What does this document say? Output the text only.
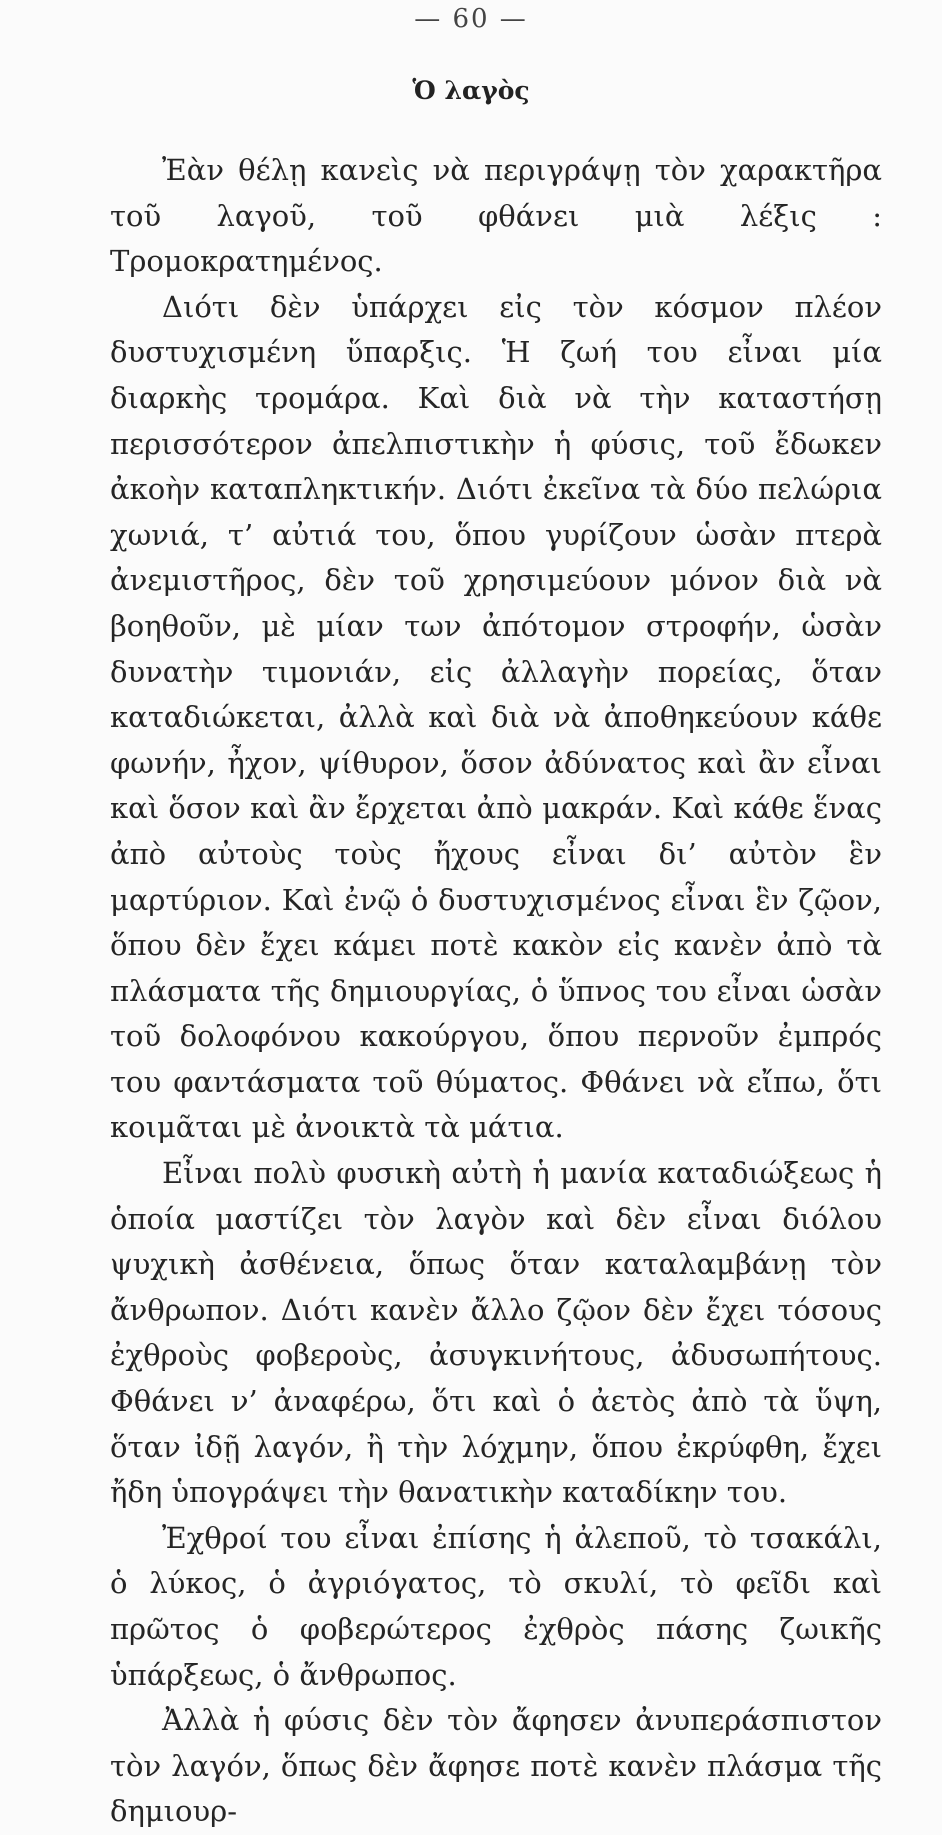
— 60 —
Ὁ λαγὸς

Ἐὰν θέλῃ κανεὶς νὰ περιγράψῃ τὸν χαρακτῆρα τοῦ λαγοῦ, τοῦ φθάνει μιὰ λέξις : Τρομοκρατημένος.

Διότι δὲν ὑπάρχει εἰς τὸν κόσμον πλέον δυστυχισμένη ὕπαρξις. Ἡ ζωή του εἶναι μία διαρκὴς τρομάρα. Καὶ διὰ νὰ τὴν καταστήσῃ περισσότερον ἀπελπιστικὴν ἡ φύσις, τοῦ ἔδωκεν ἀκοὴν καταπληκτικήν. Διότι ἐκεῖνα τὰ δύο πελώρια χωνιά, τ’ αὐτιά του, ὅπου γυρίζουν ὡσὰν πτερὰ ἀνεμιστῆρος, δὲν τοῦ χρησιμεύουν μόνον διὰ νὰ βοηθοῦν, μὲ μίαν των ἀπότομον στροφήν, ὡσὰν δυνατὴν τιμονιάν, εἰς ἀλλαγὴν πορείας, ὅταν καταδιώκεται, ἀλλὰ καὶ διὰ νὰ ἀποθηκεύουν κάθε φωνήν, ἦχον, ψίθυρον, ὅσον ἀδύνατος καὶ ἂν εἶναι καὶ ὅσον καὶ ἂν ἔρχεται ἀπὸ μακράν. Καὶ κάθε ἕνας ἀπὸ αὐτοὺς τοὺς ἤχους εἶναι δι’ αὐτὸν ἓν μαρτύριον. Καὶ ἐνῷ ὁ δυστυχισμένος εἶναι ἓν ζῷον, ὅπου δὲν ἔχει κάμει ποτὲ κακὸν εἰς κανὲν ἀπὸ τὰ πλάσματα τῆς δημιουργίας, ὁ ὕπνος του εἶναι ὡσὰν τοῦ δολοφόνου κακούργου, ὅπου περνοῦν ἐμπρός του φαντάσματα τοῦ θύματος. Φθάνει νὰ εἴπω, ὅτι κοιμᾶται μὲ ἀνοικτὰ τὰ μάτια.

Εἶναι πολὺ φυσικὴ αὐτὴ ἡ μανία καταδιώξεως ἡ ὁποία μαστίζει τὸν λαγὸν καὶ δὲν εἶναι διόλου ψυχικὴ ἀσθένεια, ὅπως ὅταν καταλαμβάνῃ τὸν ἄνθρωπον. Διότι κανὲν ἄλλο ζῷον δὲν ἔχει τόσους ἐχθροὺς φοβεροὺς, ἀσυγκινήτους, ἀδυσωπήτους. Φθάνει ν’ ἀναφέρω, ὅτι καὶ ὁ ἀετὸς ἀπὸ τὰ ὕψη, ὅταν ἰδῇ λαγόν, ἢ τὴν λόχμην, ὅπου ἐκρύφθη, ἔχει ἤδη ὑπογράψει τὴν θανατικὴν καταδίκην του.

Ἐχθροί του εἶναι ἐπίσης ἡ ἀλεποῦ, τὸ τσακάλι, ὁ λύκος, ὁ ἀγριόγατος, τὸ σκυλί, τὸ φεῖδι καὶ πρῶτος ὁ φοβερώτερος ἐχθρὸς πάσης ζωικῆς ὑπάρξεως, ὁ ἄνθρωπος.

Ἀλλὰ ἡ φύσις δὲν τὸν ἄφησεν ἀνυπεράσπιστον τὸν λαγόν, ὅπως δὲν ἄφησε ποτὲ κανὲν πλάσμα τῆς δημιουρ-
